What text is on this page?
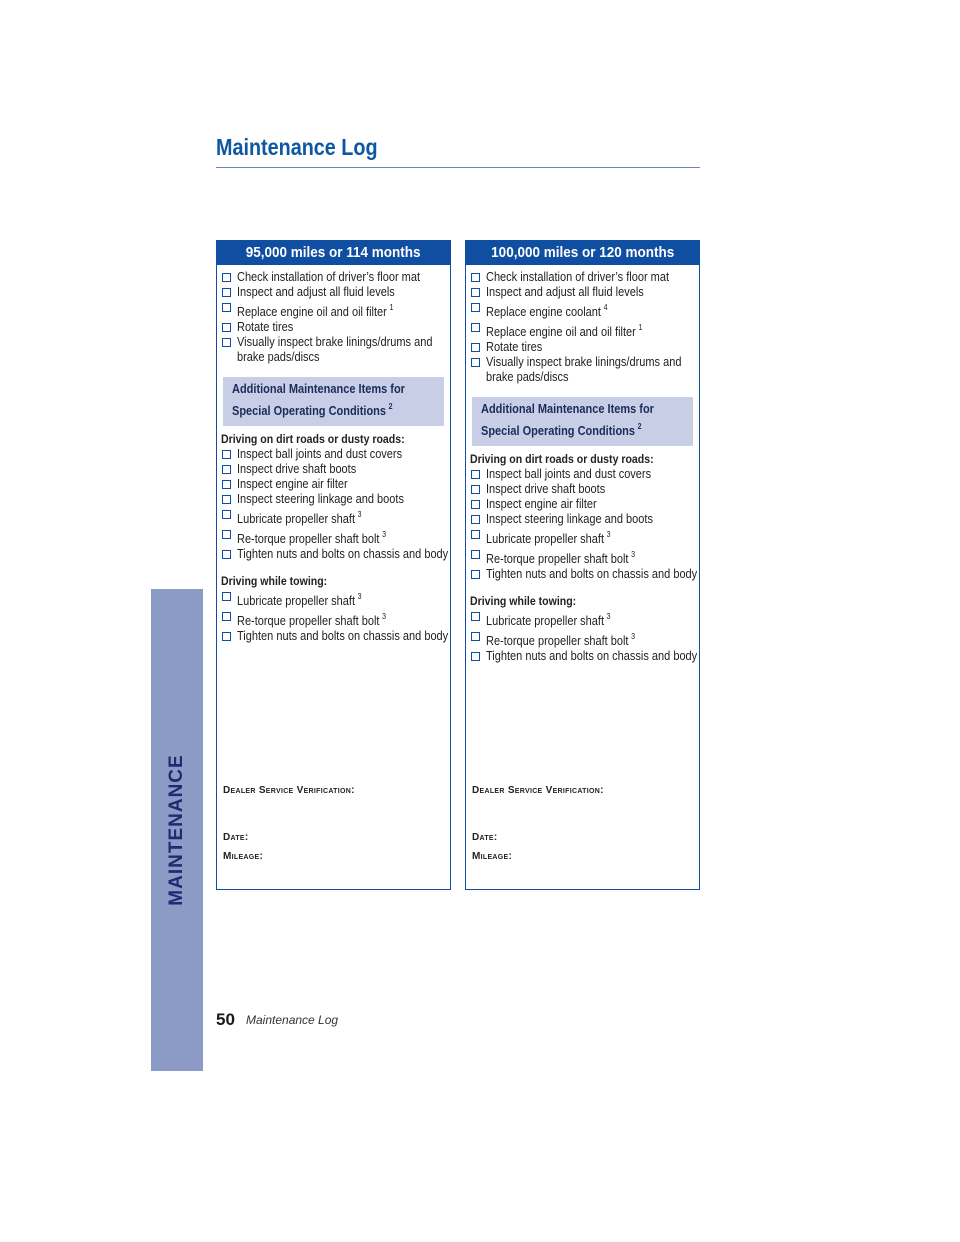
MAINTENANCE
Maintenance Log
95,000 miles or 114 months
Check installation of driver’s floor mat
Inspect and adjust all fluid levels
Replace engine oil and oil filter $^1$
Rotate tires
Visually inspect brake linings/drums and brake pads/discs
Additional Maintenance Items for
Special Operating Conditions $^2$
Driving on dirt roads or dusty roads:
Inspect ball joints and dust covers
Inspect drive shaft boots
Inspect engine air filter
Inspect steering linkage and boots
Lubricate propeller shaft $^3$
Re-torque propeller shaft bolt $^3$
Tighten nuts and bolts on chassis and body
Driving while towing:
Lubricate propeller shaft $^3$
Re-torque propeller shaft bolt $^3$
Tighten nuts and bolts on chassis and body
Dealer Service Verification:
Date:
Mileage:
100,000 miles or 120 months
Check installation of driver’s floor mat
Inspect and adjust all fluid levels
Replace engine coolant $^4$
Replace engine oil and oil filter $^1$
Rotate tires
Visually inspect brake linings/drums and brake pads/discs
Additional Maintenance Items for
Special Operating Conditions $^2$
Driving on dirt roads or dusty roads:
Inspect ball joints and dust covers
Inspect drive shaft boots
Inspect engine air filter
Inspect steering linkage and boots
Lubricate propeller shaft $^3$
Re-torque propeller shaft bolt $^3$
Tighten nuts and bolts on chassis and body
Driving while towing:
Lubricate propeller shaft $^3$
Re-torque propeller shaft bolt $^3$
Tighten nuts and bolts on chassis and body
Dealer Service Verification:
Date:
Mileage:
50 Maintenance Log
